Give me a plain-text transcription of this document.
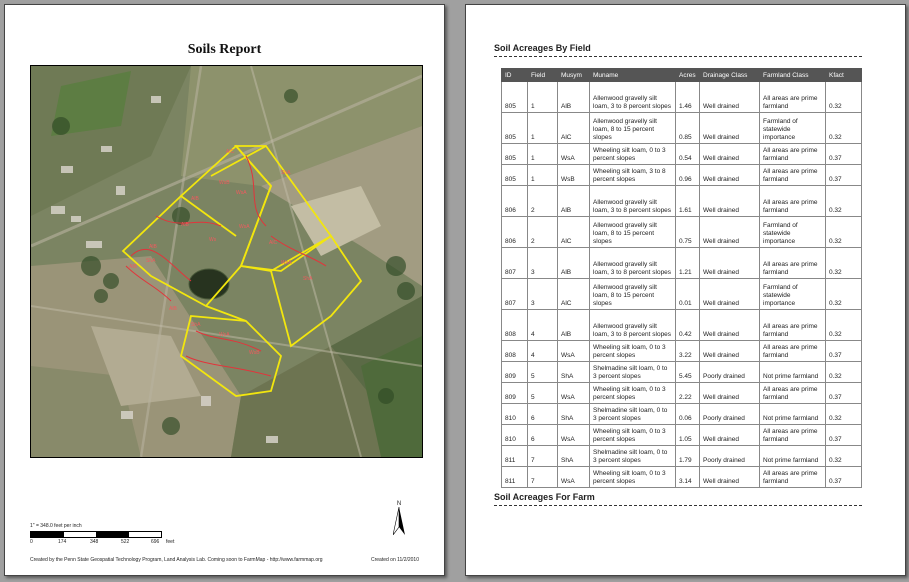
Soils Report
AlC
WsB
AlB
WsA
ShA
AlB
Ws
WsA
AlB
ShA
AlC
WsA
AlB
ShA
AlB
ShA
WsA
WsB
1" = 348.0 feet per inch
0	174	348	522	696 feet
N
Created by the Penn State Geospatial Technology Program, Land Analysis Lab. Coming soon to FarmMap - http://www.farmmap.org	Created on 11/2/2010
Soil Acreages By Field
ID	Field	Musym	Muname	Acres	Drainage Class	Farmland Class	Kfact
805	1	AlB	Allenwood gravelly silt loam, 3 to 8 percent slopes	1.46	Well drained	All areas are prime farmland	0.32
805	1	AlC	Allenwood gravelly silt loam, 8 to 15 percent slopes	0.85	Well drained	Farmland of statewide importance	0.32
805	1	WsA	Wheeling silt loam, 0 to 3 percent slopes	0.54	Well drained	All areas are prime farmland	0.37
805	1	WsB	Wheeling silt loam, 3 to 8 percent slopes	0.96	Well drained	All areas are prime farmland	0.37
806	2	AlB	Allenwood gravelly silt loam, 3 to 8 percent slopes	1.61	Well drained	All areas are prime farmland	0.32
806	2	AlC	Allenwood gravelly silt loam, 8 to 15 percent slopes	0.75	Well drained	Farmland of statewide importance	0.32
807	3	AlB	Allenwood gravelly silt loam, 3 to 8 percent slopes	1.21	Well drained	All areas are prime farmland	0.32
807	3	AlC	Allenwood gravelly silt loam, 8 to 15 percent slopes	0.01	Well drained	Farmland of statewide importance	0.32
808	4	AlB	Allenwood gravelly silt loam, 3 to 8 percent slopes	0.42	Well drained	All areas are prime farmland	0.32
808	4	WsA	Wheeling silt loam, 0 to 3 percent slopes	3.22	Well drained	All areas are prime farmland	0.37
809	5	ShA	Shelmadine silt loam, 0 to 3 percent slopes	5.45	Poorly drained	Not prime farmland	0.32
809	5	WsA	Wheeling silt loam, 0 to 3 percent slopes	2.22	Well drained	All areas are prime farmland	0.37
810	6	ShA	Shelmadine silt loam, 0 to 3 percent slopes	0.06	Poorly drained	Not prime farmland	0.32
810	6	WsA	Wheeling silt loam, 0 to 3 percent slopes	1.05	Well drained	All areas are prime farmland	0.37
811	7	ShA	Shelmadine silt loam, 0 to 3 percent slopes	1.79	Poorly drained	Not prime farmland	0.32
811	7	WsA	Wheeling silt loam, 0 to 3 percent slopes	3.14	Well drained	All areas are prime farmland	0.37
Soil Acreages For Farm
